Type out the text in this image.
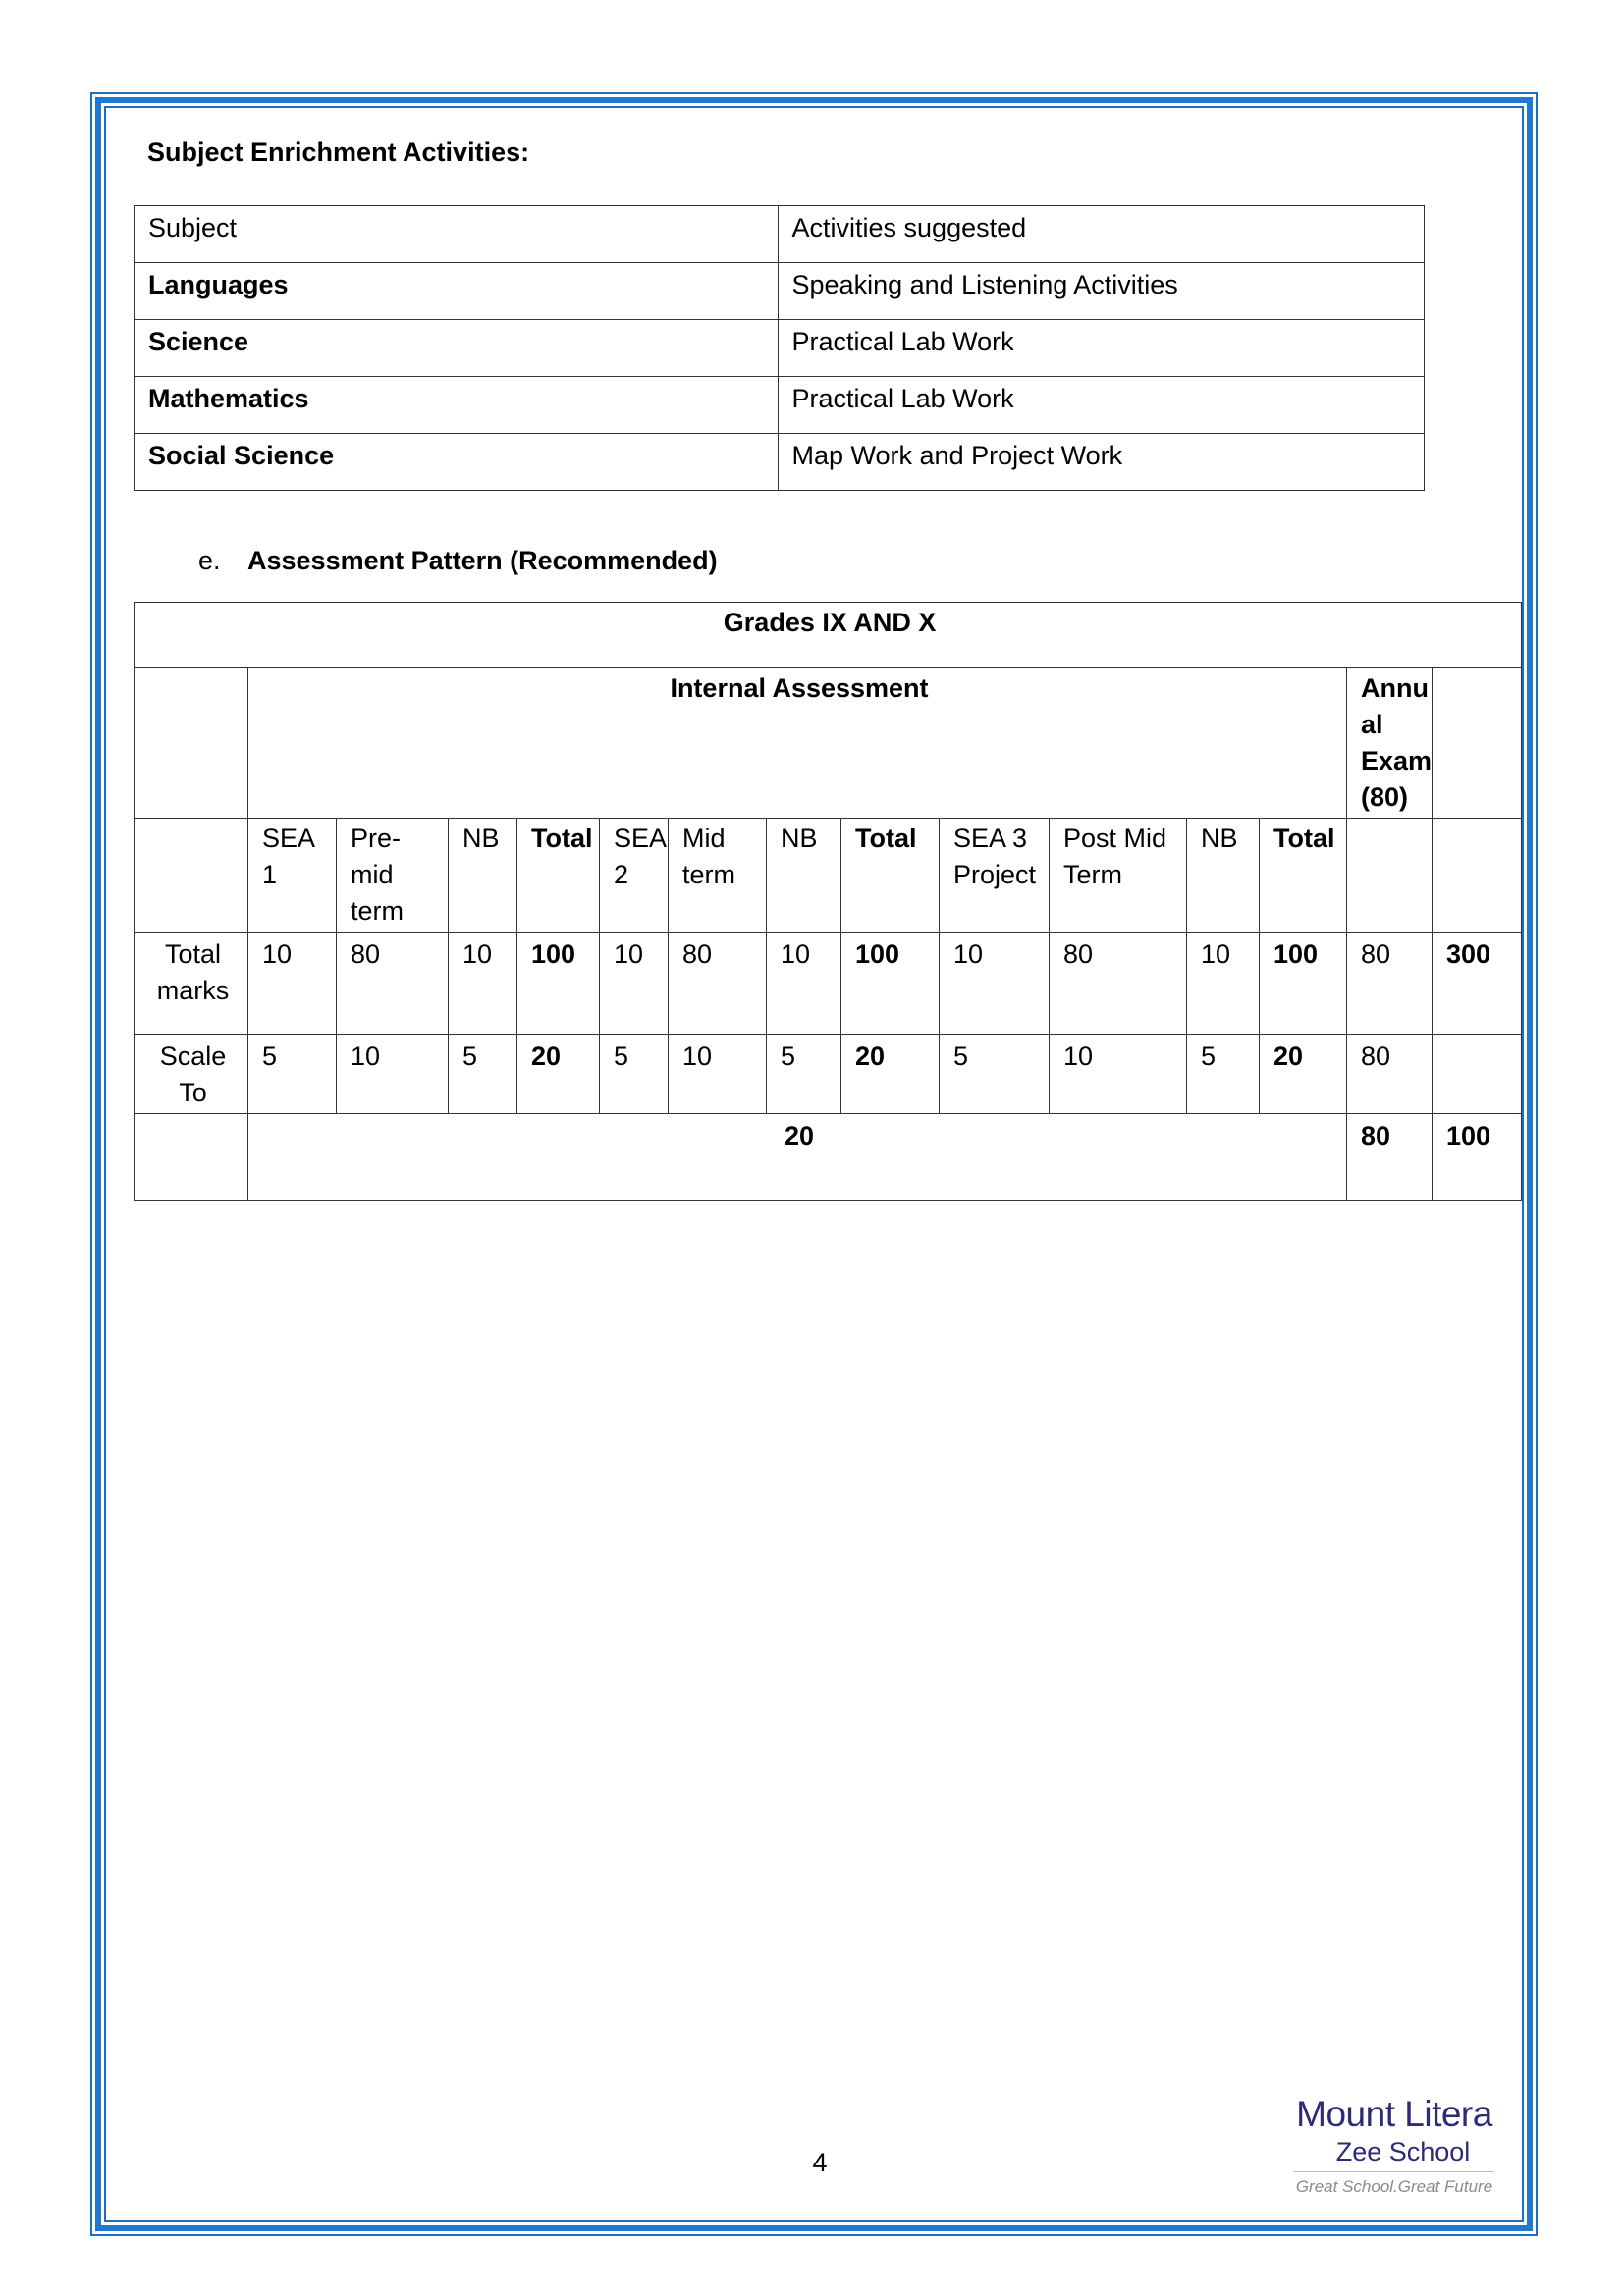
Subject Enrichment Activities:
Subject	Activities suggested
Languages	Speaking and Listening Activities
Science	Practical Lab Work
Mathematics	Practical Lab Work
Social Science	Map Work and Project Work
e. Assessment Pattern (Recommended)
Grades IX AND X														
	Internal Assessment												Annu al Exam (80)	
	SEA 1	Pre- mid term	NB	Total	SEA 2	Mid term	NB	Total	SEA 3 Project	Post Mid Term	NB	Total		
Total marks	10	80	10	100	10	80	10	100	10	80	10	100	80	300
Scale To	5	10	5	20	5	10	5	20	5	10	5	20	80	
	20												80	100
4
Mount Litera
Zee School
Great School.Great Future
